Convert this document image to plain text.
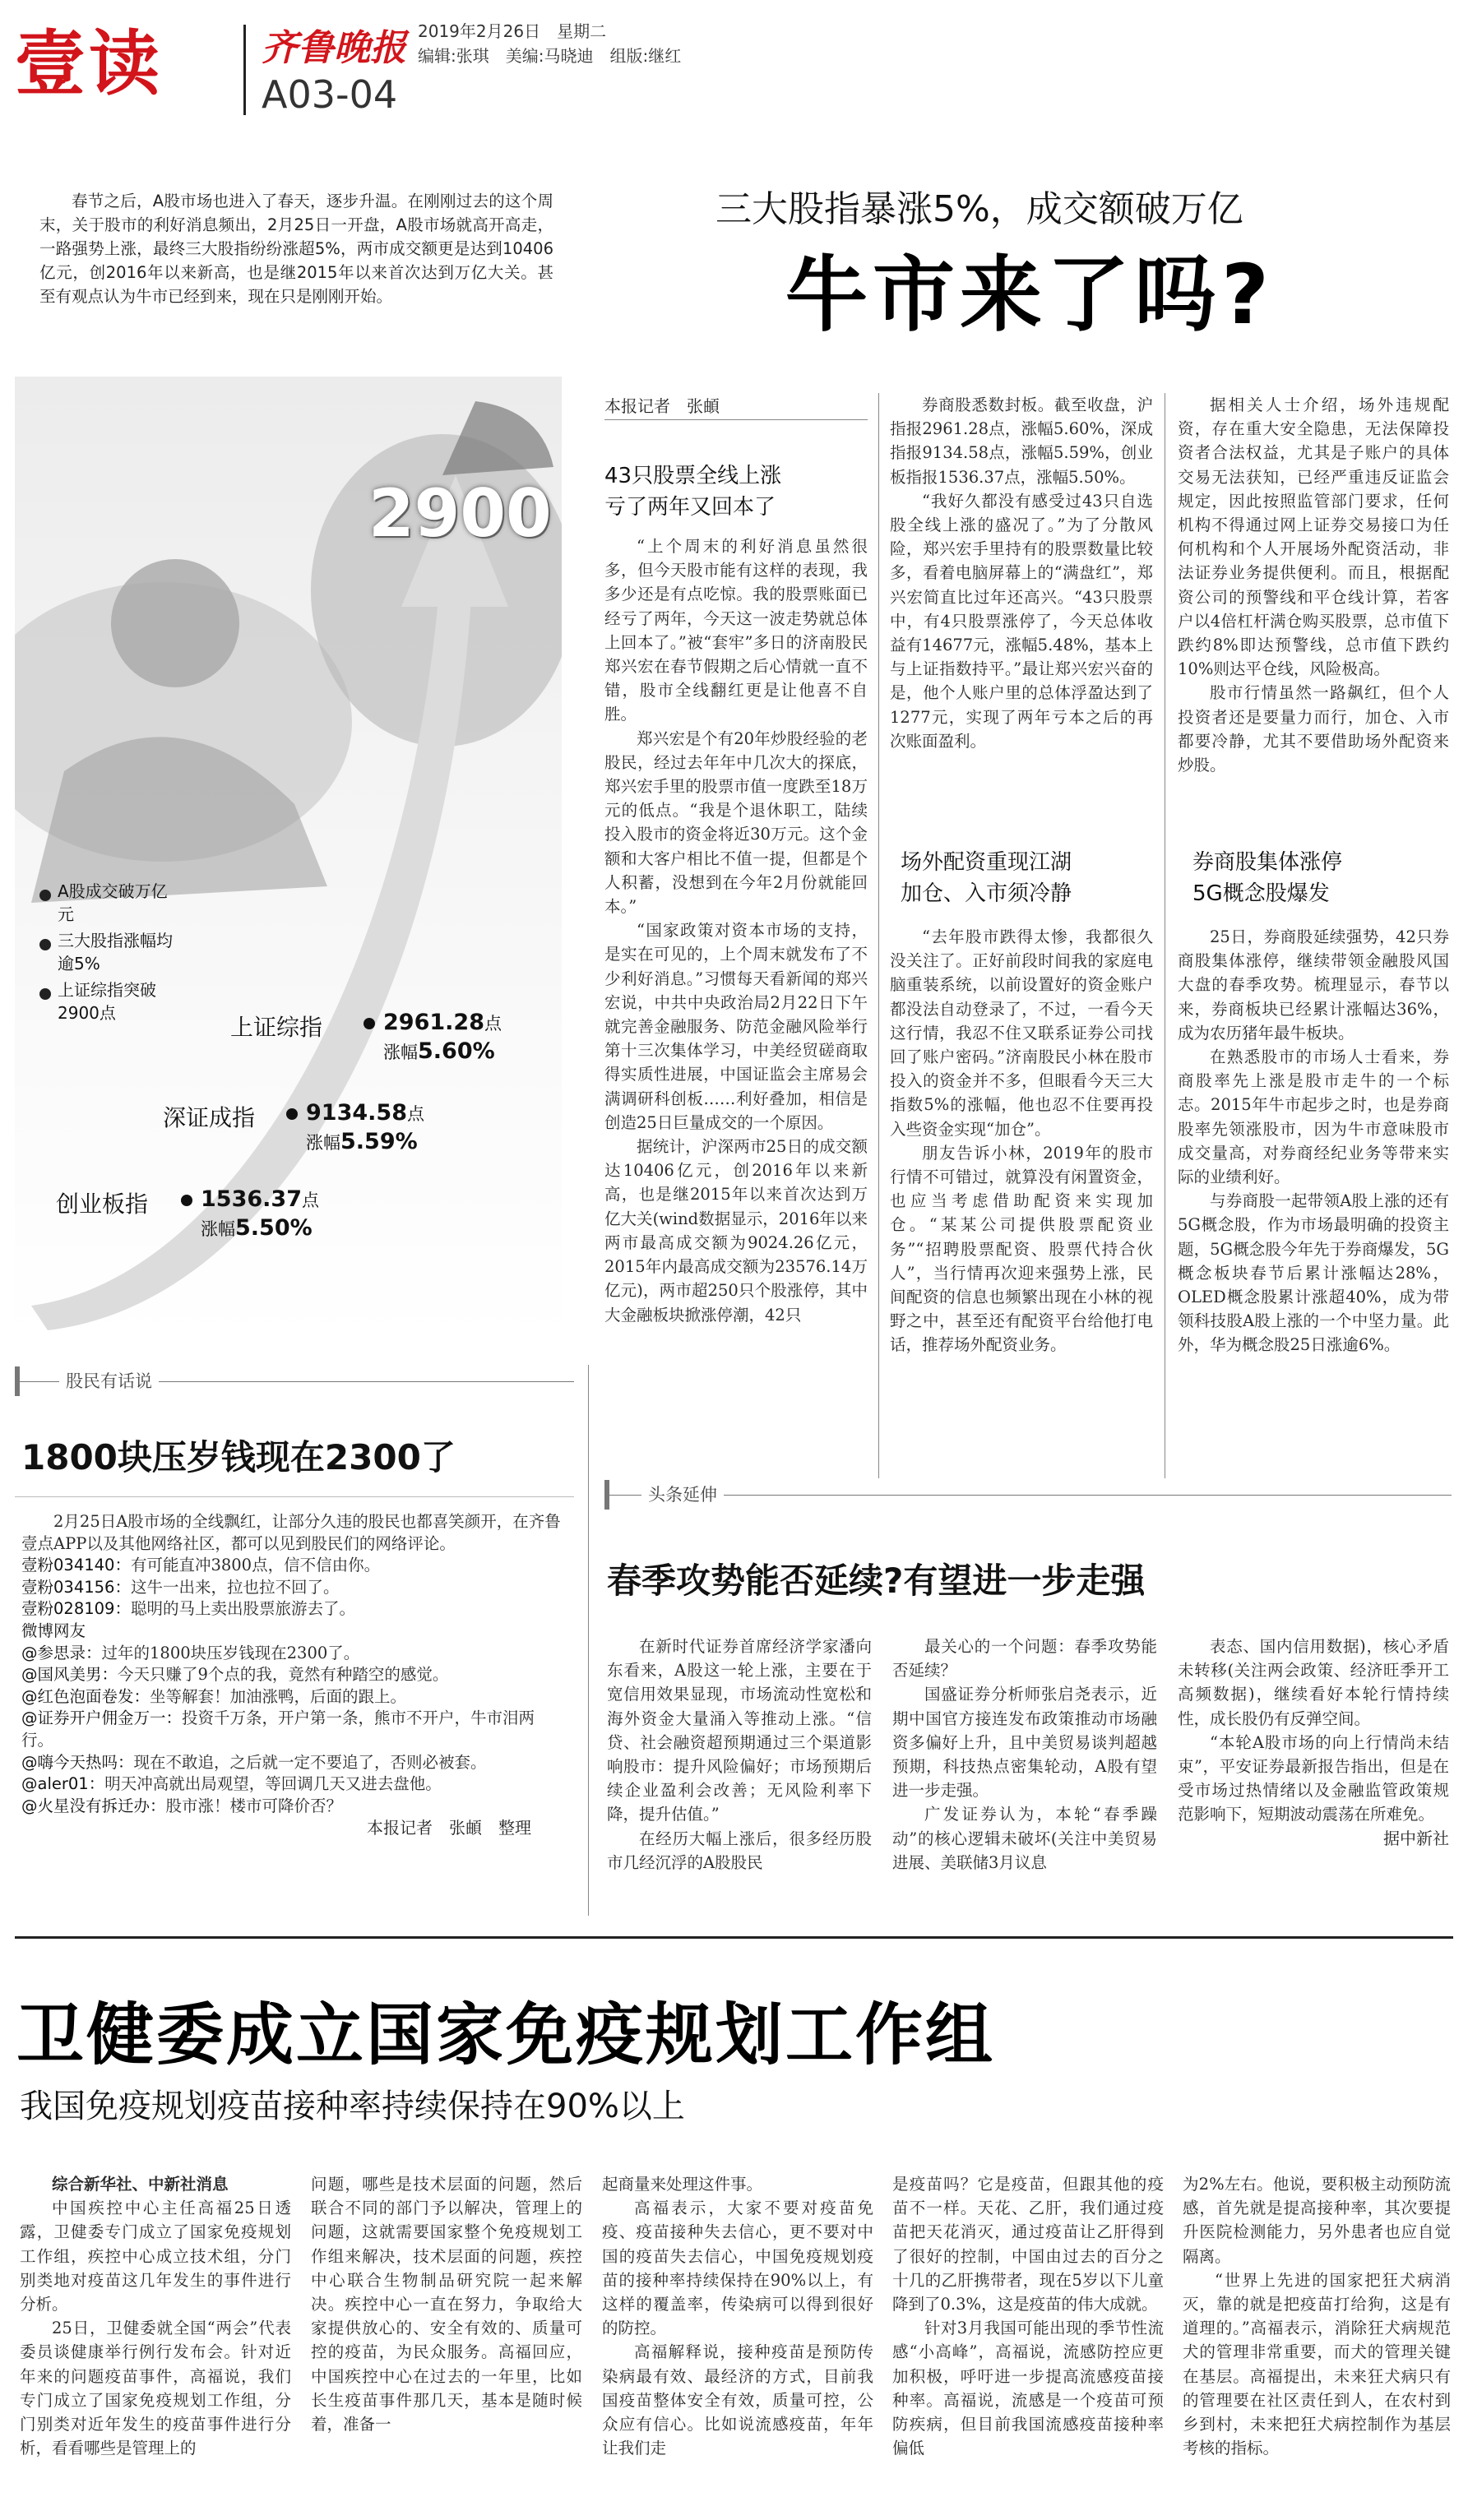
壹读	齐鲁晚报 2019年2月26日　星期二
编辑:张琪　美编:马晓迪　组版:继红
A03-04
春节之后，A股市场也进入了春天，逐步升温。在刚刚过去的这个周末，关于股市的利好消息频出，2月25日一开盘，A股市场就高开高走，一路强势上涨，最终三大股指纷纷涨超5%，两市成交额更是达到10406亿元，创2016年以来新高，也是继2015年以来首次达到万亿大关。甚至有观点认为牛市已经到来，现在只是刚刚开始。
三大股指暴涨5%，成交额破万亿
牛市来了吗?
2900
A股成交破万亿元
三大股指涨幅均逾5%
上证综指突破2900点
上证综指	2961.28点
涨幅5.60%
深证成指 9134.58点
涨幅5.59%
创业板指 1536.37点
涨幅5.50%
本报记者　张頔
43只股票全线上涨
亏了两年又回本了

“上个周末的利好消息虽然很多，但今天股市能有这样的表现，我多少还是有点吃惊。我的股票账面已经亏了两年，今天这一波走势就总体上回本了。”被“套牢”多日的济南股民郑兴宏在春节假期之后心情就一直不错，股市全线翻红更是让他喜不自胜。

郑兴宏是个有20年炒股经验的老股民，经过去年年中几次大的探底，郑兴宏手里的股票市值一度跌至18万元的低点。“我是个退休职工，陆续投入股市的资金将近30万元。这个金额和大客户相比不值一提，但都是个人积蓄，没想到在今年2月份就能回本。”

“国家政策对资本市场的支持，是实在可见的，上个周末就发布了不少利好消息。”习惯每天看新闻的郑兴宏说，中共中央政治局2月22日下午就完善金融服务、防范金融风险举行第十三次集体学习，中美经贸磋商取得实质性进展，中国证监会主席易会满调研科创板……利好叠加，相信是创造25日巨量成交的一个原因。

据统计，沪深两市25日的成交额达10406亿元，创2016年以来新高，也是继2015年以来首次达到万亿大关(wind数据显示，2016年以来两市最高成交额为9024.26亿元，2015年内最高成交额为23576.14万亿元)，两市超250只个股涨停，其中大金融板块掀涨停潮，42只

券商股悉数封板。截至收盘，沪指报2961.28点，涨幅5.60%，深成指报9134.58点，涨幅5.59%，创业板指报1536.37点，涨幅5.50%。

“我好久都没有感受过43只自选股全线上涨的盛况了。”为了分散风险，郑兴宏手里持有的股票数量比较多，看着电脑屏幕上的“满盘红”，郑兴宏简直比过年还高兴。“43只股票中，有4只股票涨停了，今天总体收益有14677元，涨幅5.48%，基本上与上证指数持平。”最让郑兴宏兴奋的是，他个人账户里的总体浮盈达到了1277元，实现了两年亏本之后的再次账面盈利。

场外配资重现江湖
加仓、入市须冷静

“去年股市跌得太惨，我都很久没关注了。正好前段时间我的家庭电脑重装系统，以前设置好的资金账户都没法自动登录了，不过，一看今天这行情，我忍不住又联系证券公司找回了账户密码。”济南股民小林在股市投入的资金并不多，但眼看今天三大指数5%的涨幅，他也忍不住要再投入些资金实现“加仓”。

朋友告诉小林，2019年的股市行情不可错过，就算没有闲置资金，也应当考虑借助配资来实现加仓。“某某公司提供股票配资业务”“招聘股票配资、股票代持合伙人”，当行情再次迎来强势上涨，民间配资的信息也频繁出现在小林的视野之中，甚至还有配资平台给他打电话，推荐场外配资业务。

据相关人士介绍，场外违规配资，存在重大安全隐患，无法保障投资者合法权益，尤其是子账户的具体交易无法获知，已经严重违反证监会规定，因此按照监管部门要求，任何机构不得通过网上证券交易接口为任何机构和个人开展场外配资活动，非法证券业务提供便利。而且，根据配资公司的预警线和平仓线计算，若客户以4倍杠杆满仓购买股票，总市值下跌约8%即达预警线，总市值下跌约10%则达平仓线，风险极高。

股市行情虽然一路飙红，但个人投资者还是要量力而行，加仓、入市都要冷静，尤其不要借助场外配资来炒股。

券商股集体涨停
5G概念股爆发

25日，券商股延续强势，42只券商股集体涨停，继续带领金融股风国大盘的春季攻势。梳理显示，春节以来，券商板块已经累计涨幅达36%，成为农历猪年最牛板块。

在熟悉股市的市场人士看来，券商股率先上涨是股市走牛的一个标志。2015年牛市起步之时，也是券商股率先领涨股市，因为牛市意味股市成交量高，对券商经纪业务等带来实际的业绩利好。

与券商股一起带领A股上涨的还有5G概念股，作为市场最明确的投资主题，5G概念股今年先于券商爆发，5G概念板块春节后累计涨幅达28%，OLED概念股累计涨超40%，成为带领科技股A股上涨的一个中坚力量。此外，华为概念股25日涨逾6%。

股民有话说
1800块压岁钱现在2300了
2月25日A股市场的全线飘红，让部分久违的股民也都喜笑颜开，在齐鲁壹点APP以及其他网络社区，都可以见到股民们的网络评论。
壹粉034140：有可能直冲3800点，信不信由你。
壹粉034156：这牛一出来，拉也拉不回了。
壹粉028109：聪明的马上卖出股票旅游去了。
微博网友
@参思录：过年的1800块压岁钱现在2300了。
@国风美男：今天只赚了9个点的我，竟然有种踏空的感觉。
@红色泡面卷发：坐等解套！加油涨鸭，后面的跟上。
@证券开户佣金万一：投资千万条，开户第一条，熊市不开户，牛市泪两行。
@嗨今天热吗：现在不敢追，之后就一定不要追了，否则必被套。
@aler01：明天冲高就出局观望，等回调几天又进去盘他。
@火星没有拆迁办：股市涨！楼市可降价否？
本报记者　张頔　整理
头条延伸
春季攻势能否延续?有望进一步走强

在新时代证券首席经济学家潘向东看来，A股这一轮上涨，主要在于宽信用效果显现，市场流动性宽松和海外资金大量涌入等推动上涨。“信贷、社会融资超预期通过三个渠道影响股市：提升风险偏好；市场预期后续企业盈利会改善；无风险利率下降，提升估值。”

在经历大幅上涨后，很多经历股市几经沉浮的A股股民

最关心的一个问题：春季攻势能否延续？

国盛证券分析师张启尧表示，近期中国官方接连发布政策推动市场融资多偏好上升，且中美贸易谈判超越预期，科技热点密集轮动，A股有望进一步走强。

广发证券认为，本轮“春季躁动”的核心逻辑未破坏(关注中美贸易进展、美联储3月议息

表态、国内信用数据)，核心矛盾未转移(关注两会政策、经济旺季开工高频数据)，继续看好本轮行情持续性，成长股仍有反弹空间。

“本轮A股市场的向上行情尚未结束”，平安证券最新报告指出，但是在受市场过热情绪以及金融监管政策规范影响下，短期波动震荡在所难免。

据中新社
卫健委成立国家免疫规划工作组
我国免疫规划疫苗接种率持续保持在90%以上
综合新华社、中新社消息

中国疾控中心主任高福25日透露，卫健委专门成立了国家免疫规划工作组，疾控中心成立技术组，分门别类地对疫苗这几年发生的事件进行分析。

25日，卫健委就全国“两会”代表委员谈健康举行例行发布会。针对近年来的问题疫苗事件，高福说，我们专门成立了国家免疫规划工作组，分门别类对近年发生的疫苗事件进行分析，看看哪些是管理上的

问题，哪些是技术层面的问题，然后联合不同的部门予以解决，管理上的问题，这就需要国家整个免疫规划工作组来解决，技术层面的问题，疾控中心联合生物制品研究院一起来解决。疾控中心一直在努力，争取给大家提供放心的、安全有效的、质量可控的疫苗，为民众服务。高福回应，中国疾控中心在过去的一年里，比如长生疫苗事件那几天，基本是随时候着，准备一

起商量来处理这件事。

高福表示，大家不要对疫苗免疫、疫苗接种失去信心，更不要对中国的疫苗失去信心，中国免疫规划疫苗的接种率持续保持在90%以上，有这样的覆盖率，传染病可以得到很好的防控。

高福解释说，接种疫苗是预防传染病最有效、最经济的方式，目前我国疫苗整体安全有效，质量可控，公众应有信心。比如说流感疫苗，年年让我们走

是疫苗吗？它是疫苗，但跟其他的疫苗不一样。天花、乙肝，我们通过疫苗把天花消灭，通过疫苗让乙肝得到了很好的控制，中国由过去的百分之十几的乙肝携带者，现在5岁以下儿童降到了0.3%，这是疫苗的伟大成就。

针对3月我国可能出现的季节性流感“小高峰”，高福说，流感防控应更加积极，呼吁进一步提高流感疫苗接种率。高福说，流感是一个疫苗可预防疾病，但目前我国流感疫苗接种率偏低

为2%左右。他说，要积极主动预防流感，首先就是提高接种率，其次要提升医院检测能力，另外患者也应自觉隔离。

“世界上先进的国家把狂犬病消灭，靠的就是把疫苗打给狗，这是有道理的。”高福表示，消除狂犬病规范犬的管理非常重要，而犬的管理关键在基层。高福提出，未来狂犬病只有的管理要在社区责任到人，在农村到乡到村，未来把狂犬病控制作为基层考核的指标。
